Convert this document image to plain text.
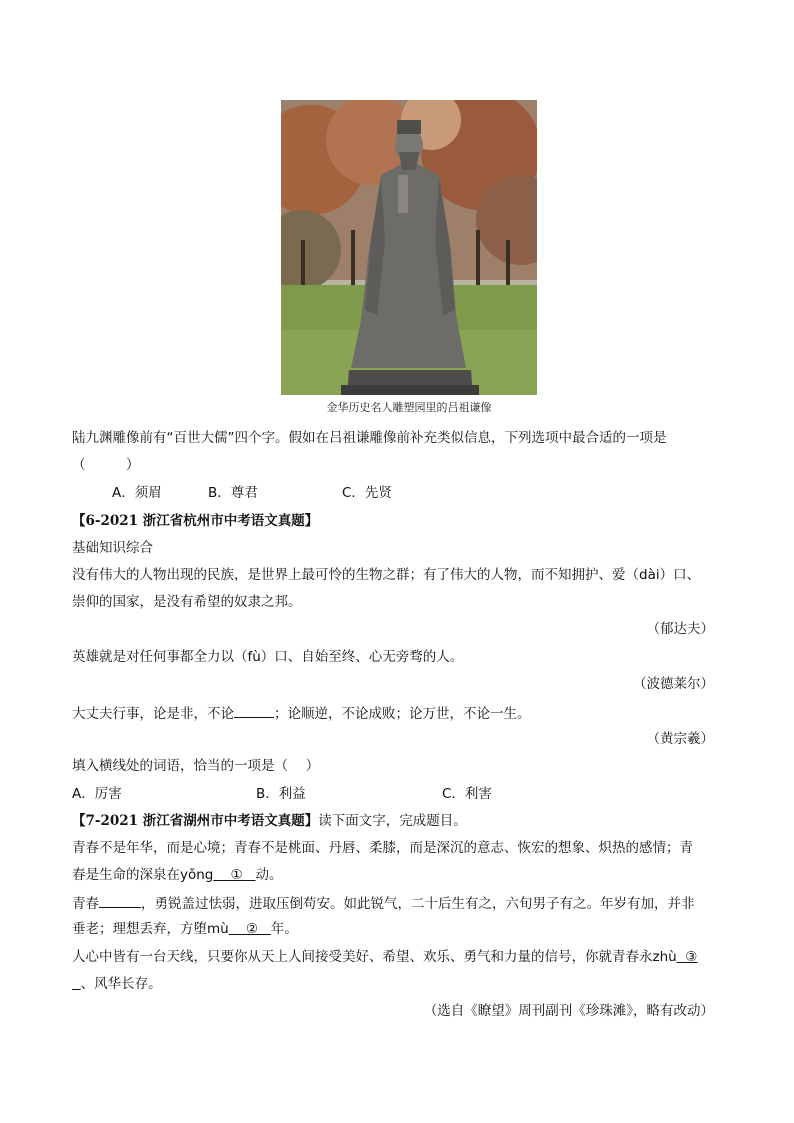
金华历史名人雕塑园里的吕祖谦像
陆九渊雕像前有“百世大儒”四个字。假如在吕祖谦雕像前补充类似信息，下列选项中最合适的一项是
（　　　）
A．须眉	B．尊君	C．先贤
【6-2021 浙江省杭州市中考语文真题】
基础知识综合
没有伟大的人物出现的民族，是世界上最可怜的生物之群；有了伟大的人物，而不知拥护、爱（dài）口、
崇仰的国家，是没有希望的奴隶之邦。
（郁达夫）
英雄就是对任何事都全力以（fù）口、自始至终、心无旁骛的人。
（波德莱尔）
大丈夫行事，论是非，不论	；论顺逆，不论成败；论万世，不论一生。
（黄宗羲）
填入横线处的词语，恰当的一项是（　 ）
A．厉害	B．利益	C．利害
【7-2021 浙江省湖州市中考语文真题】读下面文字，完成题目。
青春不是年华，而是心境；青春不是桃面、丹唇、柔膝，而是深沉的意志、恢宏的想象、炽热的感情；青
春是生命的深泉在yǒng ① 动。
青春	，勇锐盖过怯弱，进取压倒苟安。如此锐气，二十后生有之，六旬男子有之。年岁有加，并非
垂老；理想丢弃，方堕mù ② 年。
人心中皆有一台天线，只要你从天上人间接受美好、希望、欢乐、勇气和力量的信号，你就青春永zhù ③
、风华长存。
（选自《瞭望》周刊副刊《珍珠滩》，略有改动）
